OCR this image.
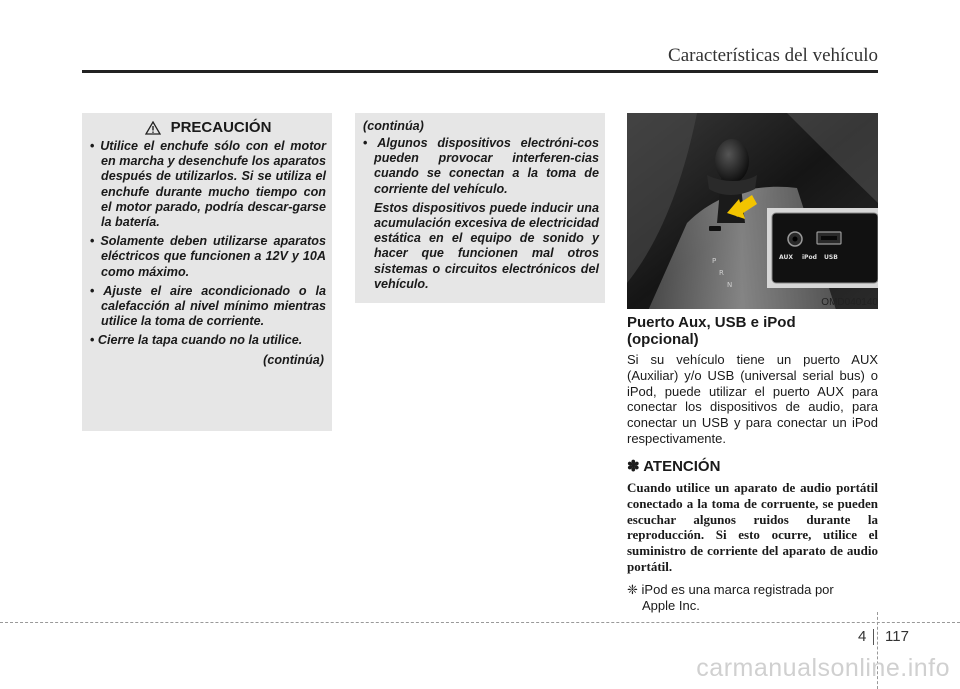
Características del vehículo
PRECAUCIÓN
• Utilice el enchufe sólo con el motor en marcha y desenchufe los aparatos después de utilizarlos. Si se utiliza el enchufe durante mucho tiempo con el motor parado, podría descar-garse la batería.
• Solamente deben utilizarse aparatos eléctricos que funcionen a 12V y 10A como máximo.
• Ajuste el aire acondicionado o la calefacción al nivel mínimo mientras utilice la toma de corriente.
• Cierre la tapa cuando no la utilice.
(continúa)
(continúa)
• Algunos dispositivos electróni-cos pueden provocar interferen-cias cuando se conectan a la toma de corriente del vehículo.
Estos dispositivos puede inducir una acumulación excesiva de electricidad estática en el equipo de sonido y hacer que funcionen mal otros sistemas o circuitos electrónicos del vehículo.
P
R
N
AUX iPod USB
OMD040140
Puerto Aux, USB e iPod
(opcional)
Si su vehículo tiene un puerto AUX (Auxiliar) y/o USB (universal serial bus) o iPod, puede utilizar el puerto AUX para conectar los dispositivos de audio, para conectar un USB y para conectar un iPod respectivamente.
✽ ATENCIÓN
Cuando utilice un aparato de audio portátil conectado a la toma de corruente, se pueden escuchar algunos ruidos durante la reproducción. Si esto ocurre, utilice el suministro de corriente del aparato de audio portátil.
❈ iPod es una marca registrada por
Apple Inc.
4 117
carmanualsonline.info
